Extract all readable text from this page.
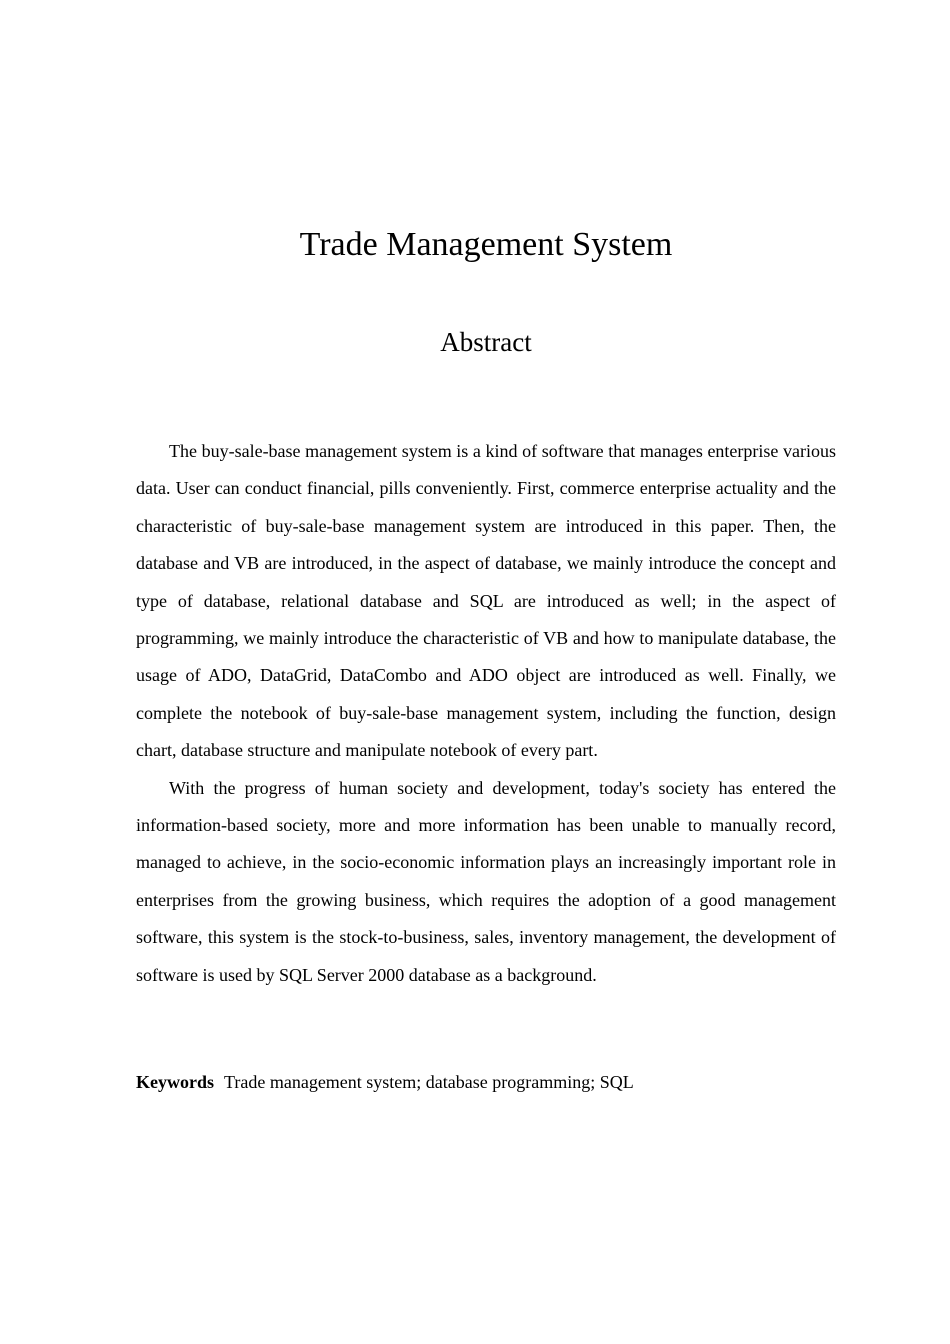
Trade Management System
Abstract

The buy-sale-base management system is a kind of software that manages enterprise various data. User can conduct financial, pills conveniently. First, commerce enterprise actuality and the characteristic of buy-sale-base management system are introduced in this paper. Then, the database and VB are introduced, in the aspect of database, we mainly introduce the concept and type of database, relational database and SQL are introduced as well; in the aspect of programming, we mainly introduce the characteristic of VB and how to manipulate database, the usage of ADO, DataGrid, DataCombo and ADO object are introduced as well. Finally, we complete the notebook of buy-sale-base management system, including the function, design chart, database structure and manipulate notebook of every part.

With the progress of human society and development, today's society has entered the information-based society, more and more information has been unable to manually record, managed to achieve, in the socio-economic information plays an increasingly important role in enterprises from the growing business, which requires the adoption of a good management software, this system is the stock-to-business, sales, inventory management, the development of software is used by SQL Server 2000 database as a background.

Keywords Trade management system; database programming; SQL
